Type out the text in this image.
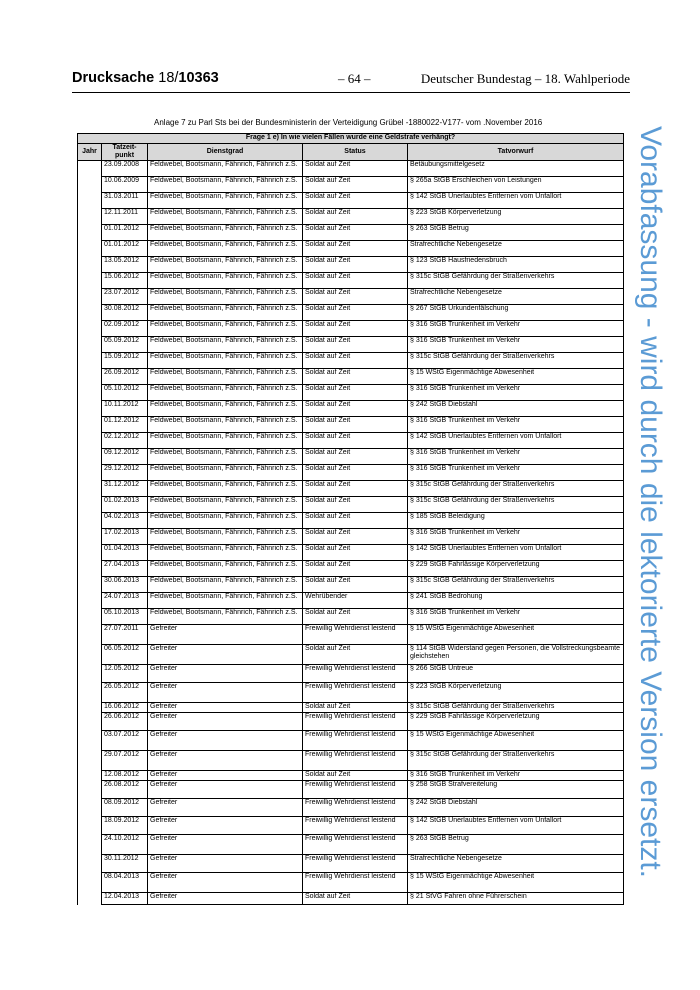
Drucksache 18/10363	– 64 –	Deutscher Bundestag – 18. Wahlperiode
Anlage 7 zu Parl Sts bei der Bundesministerin der Verteidigung Grübel -1880022-V177- vom .November 2016
Frage 1 e) In wie vielen Fällen wurde eine Geldstrafe verhängt?				
Jahr	Tatzeit-punkt	Dienstgrad	Status	Tatvorwurf
	23.09.2008	Feldwebel, Bootsmann, Fähnrich, Fähnrich z.S.	Soldat auf Zeit	Betäubungsmittelgesetz
	10.06.2009	Feldwebel, Bootsmann, Fähnrich, Fähnrich z.S.	Soldat auf Zeit	§ 265a StGB Erschleichen von Leistungen
	31.03.2011	Feldwebel, Bootsmann, Fähnrich, Fähnrich z.S.	Soldat auf Zeit	§ 142 StGB Unerlaubtes Entfernen vom Unfallort
	12.11.2011	Feldwebel, Bootsmann, Fähnrich, Fähnrich z.S.	Soldat auf Zeit	§ 223 StGB Körperverletzung
	01.01.2012	Feldwebel, Bootsmann, Fähnrich, Fähnrich z.S.	Soldat auf Zeit	§ 263 StGB Betrug
	01.01.2012	Feldwebel, Bootsmann, Fähnrich, Fähnrich z.S.	Soldat auf Zeit	Strafrechtliche Nebengesetze
	13.05.2012	Feldwebel, Bootsmann, Fähnrich, Fähnrich z.S.	Soldat auf Zeit	§ 123 StGB Hausfriedensbruch
	15.06.2012	Feldwebel, Bootsmann, Fähnrich, Fähnrich z.S.	Soldat auf Zeit	§ 315c StGB Gefährdung der Straßenverkehrs
	23.07.2012	Feldwebel, Bootsmann, Fähnrich, Fähnrich z.S.	Soldat auf Zeit	Strafrechtliche Nebengesetze
	30.08.2012	Feldwebel, Bootsmann, Fähnrich, Fähnrich z.S.	Soldat auf Zeit	§ 267 StGB Urkundenfälschung
	02.09.2012	Feldwebel, Bootsmann, Fähnrich, Fähnrich z.S.	Soldat auf Zeit	§ 316 StGB Trunkenheit im Verkehr
	05.09.2012	Feldwebel, Bootsmann, Fähnrich, Fähnrich z.S.	Soldat auf Zeit	§ 316 StGB Trunkenheit im Verkehr
	15.09.2012	Feldwebel, Bootsmann, Fähnrich, Fähnrich z.S.	Soldat auf Zeit	§ 315c StGB Gefährdung der Straßenverkehrs
	26.09.2012	Feldwebel, Bootsmann, Fähnrich, Fähnrich z.S.	Soldat auf Zeit	§ 15 WStG Eigenmächtige Abwesenheit
	05.10.2012	Feldwebel, Bootsmann, Fähnrich, Fähnrich z.S.	Soldat auf Zeit	§ 316 StGB Trunkenheit im Verkehr
	10.11.2012	Feldwebel, Bootsmann, Fähnrich, Fähnrich z.S.	Soldat auf Zeit	§ 242 StGB Diebstahl
	01.12.2012	Feldwebel, Bootsmann, Fähnrich, Fähnrich z.S.	Soldat auf Zeit	§ 316 StGB Trunkenheit im Verkehr
	02.12.2012	Feldwebel, Bootsmann, Fähnrich, Fähnrich z.S.	Soldat auf Zeit	§ 142 StGB Unerlaubtes Entfernen vom Unfallort
	09.12.2012	Feldwebel, Bootsmann, Fähnrich, Fähnrich z.S.	Soldat auf Zeit	§ 316 StGB Trunkenheit im Verkehr
	29.12.2012	Feldwebel, Bootsmann, Fähnrich, Fähnrich z.S.	Soldat auf Zeit	§ 316 StGB Trunkenheit im Verkehr
	31.12.2012	Feldwebel, Bootsmann, Fähnrich, Fähnrich z.S.	Soldat auf Zeit	§ 315c StGB Gefährdung der Straßenverkehrs
	01.02.2013	Feldwebel, Bootsmann, Fähnrich, Fähnrich z.S.	Soldat auf Zeit	§ 315c StGB Gefährdung der Straßenverkehrs
	04.02.2013	Feldwebel, Bootsmann, Fähnrich, Fähnrich z.S.	Soldat auf Zeit	§ 185 StGB Beleidigung
	17.02.2013	Feldwebel, Bootsmann, Fähnrich, Fähnrich z.S.	Soldat auf Zeit	§ 316 StGB Trunkenheit im Verkehr
	01.04.2013	Feldwebel, Bootsmann, Fähnrich, Fähnrich z.S.	Soldat auf Zeit	§ 142 StGB Unerlaubtes Entfernen vom Unfallort
	27.04.2013	Feldwebel, Bootsmann, Fähnrich, Fähnrich z.S.	Soldat auf Zeit	§ 229 StGB Fahrlässige Körperverletzung
	30.06.2013	Feldwebel, Bootsmann, Fähnrich, Fähnrich z.S.	Soldat auf Zeit	§ 315c StGB Gefährdung der Straßenverkehrs
	24.07.2013	Feldwebel, Bootsmann, Fähnrich, Fähnrich z.S.	Wehrübender	§ 241 StGB Bedrohung
	05.10.2013	Feldwebel, Bootsmann, Fähnrich, Fähnrich z.S.	Soldat auf Zeit	§ 316 StGB Trunkenheit im Verkehr
	27.07.2011	Gefreiter	Freiwillig Wehrdienst leistend	§ 15 WStG Eigenmächtige Abwesenheit
	06.05.2012	Gefreiter	Soldat auf Zeit	§ 114 StGB Widerstand gegen Personen, die Vollstreckungsbeamte gleichstehen
	12.05.2012	Gefreiter	Freiwillig Wehrdienst leistend	§ 266 StGB Untreue
	26.05.2012	Gefreiter	Freiwillig Wehrdienst leistend	§ 223 StGB Körperverletzung
	16.06.2012	Gefreiter	Soldat auf Zeit	§ 315c StGB Gefährdung der Straßenverkehrs
	26.06.2012	Gefreiter	Freiwillig Wehrdienst leistend	§ 229 StGB Fahrlässige Körperverletzung
	03.07.2012	Gefreiter	Freiwillig Wehrdienst leistend	§ 15 WStG Eigenmächtige Abwesenheit
	29.07.2012	Gefreiter	Freiwillig Wehrdienst leistend	§ 315c StGB Gefährdung der Straßenverkehrs
	12.08.2012	Gefreiter	Soldat auf Zeit	§ 316 StGB Trunkenheit im Verkehr
	26.08.2012	Gefreiter	Freiwillig Wehrdienst leistend	§ 258 StGB Strafvereitelung
	08.09.2012	Gefreiter	Freiwillig Wehrdienst leistend	§ 242 StGB Diebstahl
	18.09.2012	Gefreiter	Freiwillig Wehrdienst leistend	§ 142 StGB Unerlaubtes Entfernen vom Unfallort
	24.10.2012	Gefreiter	Freiwillig Wehrdienst leistend	§ 263 StGB Betrug
	30.11.2012	Gefreiter	Freiwillig Wehrdienst leistend	Strafrechtliche Nebengesetze
	08.04.2013	Gefreiter	Freiwillig Wehrdienst leistend	§ 15 WStG Eigenmächtige Abwesenheit
	12.04.2013	Gefreiter	Soldat auf Zeit	§ 21 StVG Fahren ohne Führerschein
Vorabfassung - wird durch die lektorierte Version ersetzt.
